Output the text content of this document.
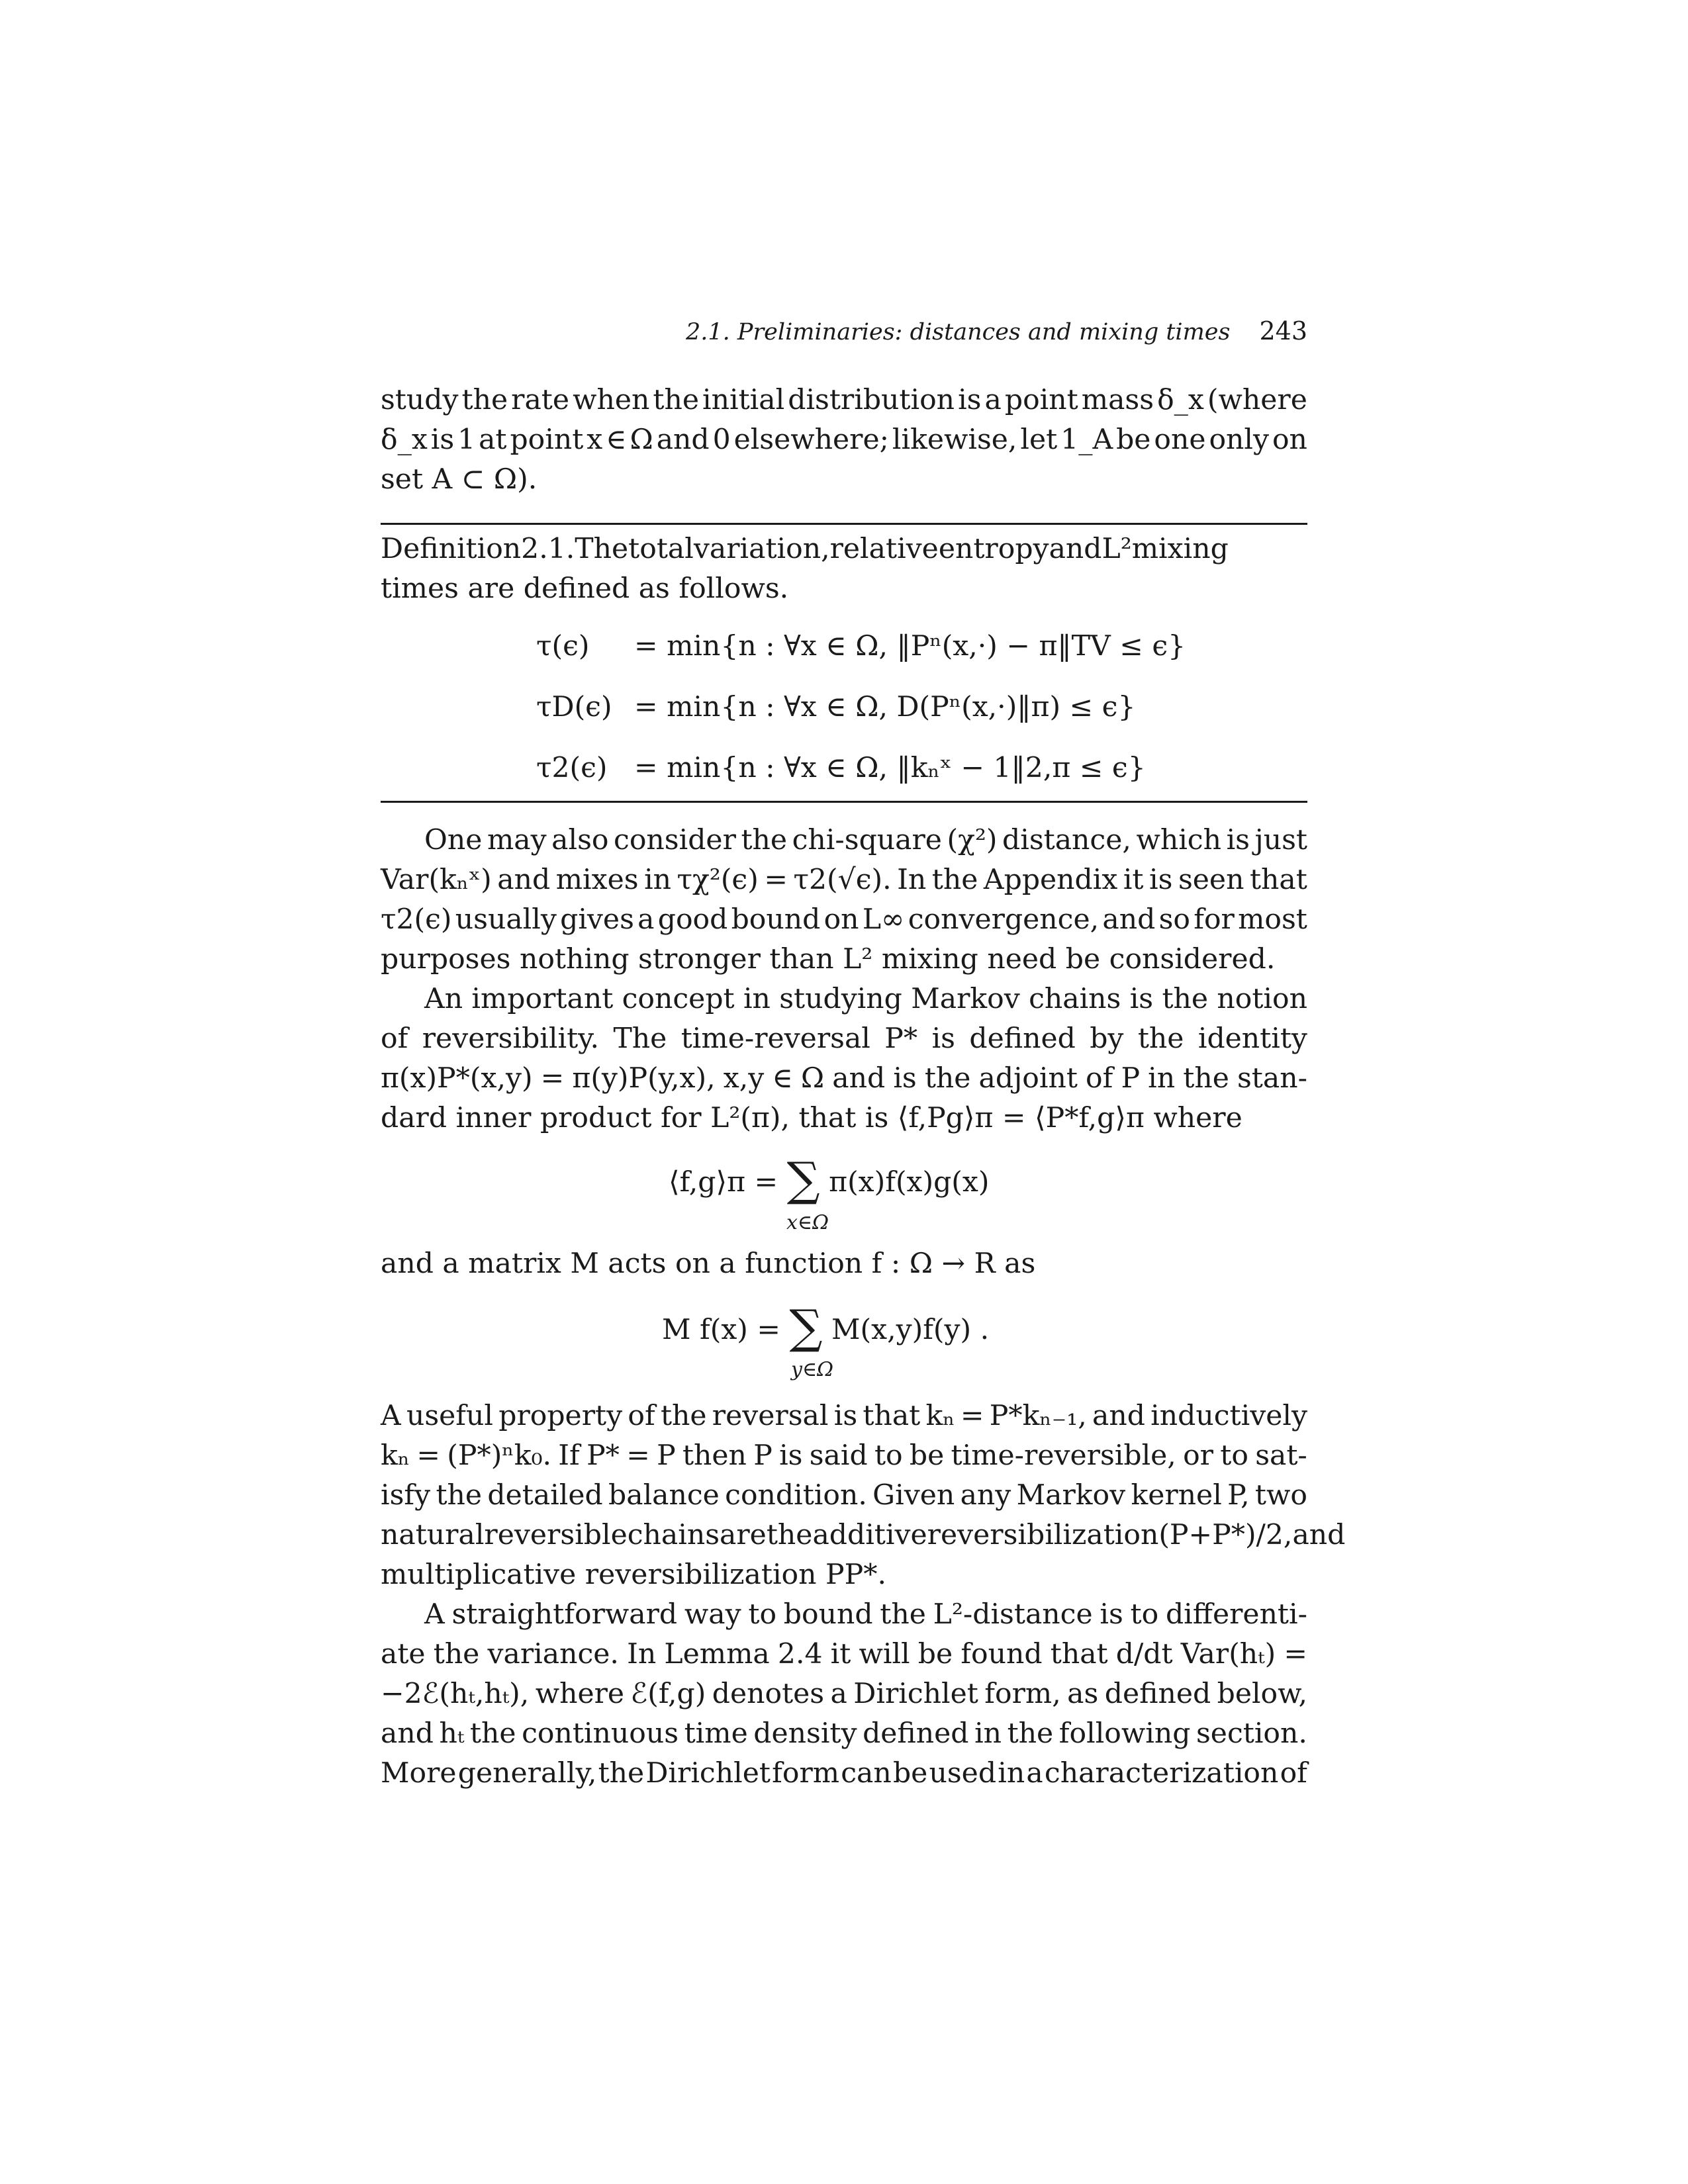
2.1. Preliminaries: distances and mixing times 243
study the rate when the initial distribution is a point mass δ_x (where
δ_x is 1 at point x ∈ Ω and 0 elsewhere; likewise, let 1_A be one only on
set A ⊂ Ω).
Definition 2.1. The total variation, relative entropy and L² mixing
times are defined as follows.
τ(ϵ)	= min{n : ∀x ∈ Ω, ‖Pⁿ(x,·) − π‖TV ≤ ϵ}
τD(ϵ) = min{n : ∀x ∈ Ω, D(Pⁿ(x,·)‖π) ≤ ϵ}
τ2(ϵ) = min{n : ∀x ∈ Ω, ‖kₙˣ − 1‖2,π ≤ ϵ}
One may also consider the chi-square (χ²) distance, which is just
Var(kₙˣ) and mixes in τχ²(ϵ) = τ2(√ϵ). In the Appendix it is seen that
τ2(ϵ) usually gives a good bound on L∞ convergence, and so for most
purposes nothing stronger than L² mixing need be considered.
An important concept in studying Markov chains is the notion
of reversibility. The time-reversal P* is defined by the identity
π(x)P*(x,y) = π(y)P(y,x), x,y ∈ Ω and is the adjoint of P in the stan-
dard inner product for L²(π), that is ⟨f,Pg⟩π = ⟨P*f,g⟩π where
⟨f,g⟩π = ∑ π(x)f(x)g(x)
x∈Ω
and a matrix M acts on a function f : Ω → R as
M f(x) = ∑ M(x,y)f(y) .
y∈Ω
A useful property of the reversal is that kₙ = P*kₙ₋₁, and inductively
kₙ = (P*)ⁿk₀. If P* = P then P is said to be time-reversible, or to sat-
isfy the detailed balance condition. Given any Markov kernel P, two
natural reversible chains are the additive reversibilization (P+P*)/2, and
multiplicative reversibilization PP*.
A straightforward way to bound the L²-distance is to differenti-
ate the variance. In Lemma 2.4 it will be found that d/dt Var(hₜ) =
−2ℰ(hₜ,hₜ), where ℰ(f,g) denotes a Dirichlet form, as defined below,
and hₜ the continuous time density defined in the following section.
More generally, the Dirichlet form can be used in a characterization of
